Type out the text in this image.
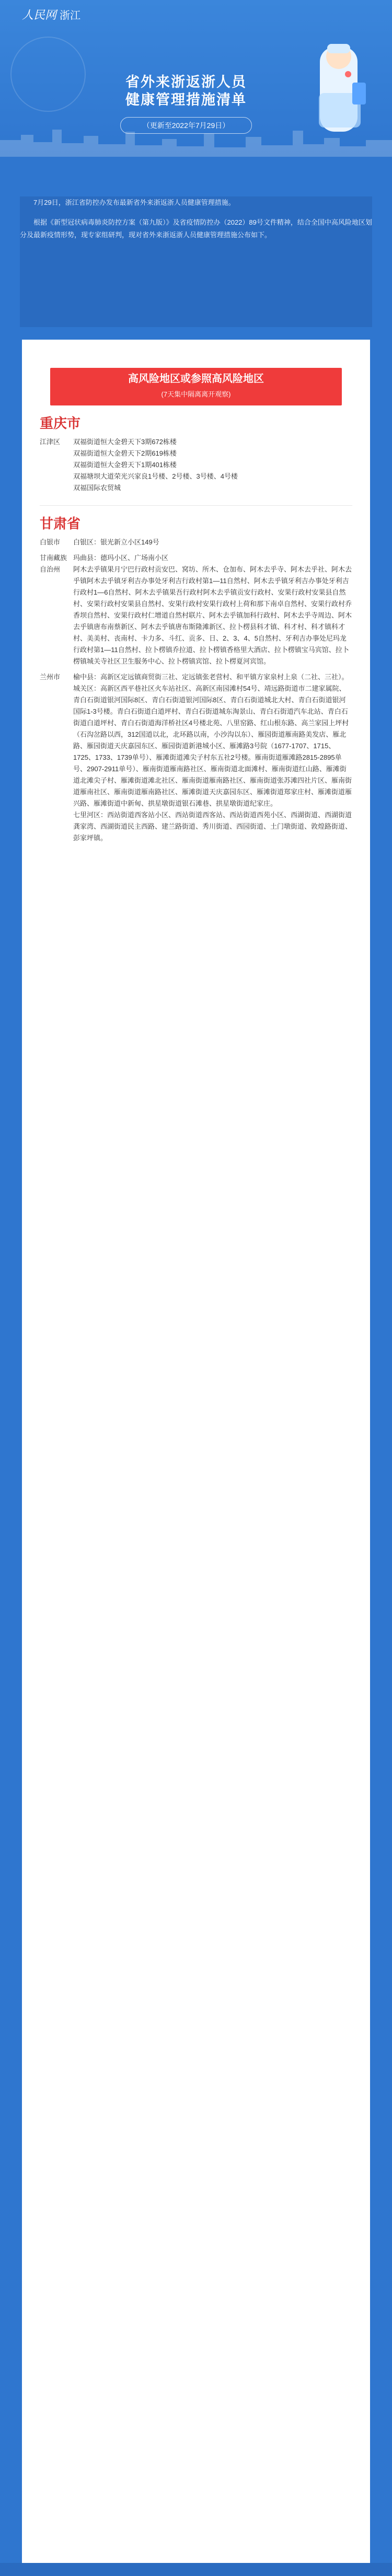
人民网 浙江
省外来浙返浙人员
健康管理措施清单
（更新至2022年7月29日）

7月29日，浙江省防控办发布最新省外来浙返浙人员健康管理措施。

根据《新型冠状病毒肺炎防控方案（第九版）》及省疫情防控办（2022）89号文件精神，结合全国中高风险地区划分及最新疫情形势，现专家组研判，现对省外来浙返浙人员健康管理措施公布如下。

高风险地区或参照高风险地区
(7天集中隔离离开观察)
重庆市
江津区	双福街道恒大金碧天下3期672栋楼
双福街道恒大金碧天下2期619栋楼
双福街道恒大金碧天下1期401栋楼
双福塘坝大道荣光兴家良1号楼、2号楼、3号楼、4号楼
双福国际农贸城
甘肃省
白银市	白银区：银光新立小区149号
甘南藏族自治州
玛曲县：德玛小区、广场南小区
阿木去乎镇果月宁巴行政村贡安巴、窝坊、所木、仓加布、阿木去乎寺、阿木去乎社、阿木去乎镇阿木去乎镇牙利吉办事处牙利吉行政村第1—11自然村、阿木去乎镇牙利吉办事处牙利吉行政村1—6自然村、阿木去乎镇果吾行政村阿木去乎镇贡安行政村、安果行政村安果县自然村、安果行政村安果县自然村、安果行政村安果行政村上荷和那下南卓自然村、安果行政村乔香坝自然村、安果行政村仁增道自然村联片、阿木去乎镇加科行政村、阿木去乎寺周边、阿木去乎镇唐布南蔡新区、阿木去乎镇唐布斯隆滩新区、拉卜楞县科才镇、科才村、科才镇科才村、美美村、丧南村、卡力多、斗红、贡多、日、2、3、4、5自然村、牙利吉办事处尼玛龙行政村第1—11自然村、拉卜楞镇乔拉道、拉卜楞镇香格里大酒店、拉卜楞镇宝马宾馆、拉卜楞镇城关寺社区卫生服务中心、拉卜楞镇宾馆、拉卜楞夏河宾馆。
兰州市	榆中县：高新区定远镇商贸街三社、定远镇张老营村、和平镇方家泉村上泉（二社、三社）。
城关区：高新区西平巷社区火车站社区、高新区南园滩村54号、靖远路街道市二建家属院、青白石街道银河国际8区、青白石街道银河国际8区、青白石街道城北大村、青白石街道银河国际1-3号楼。青白石街道白道坪村、青白石街道城东淘景山、青白石街道汽车北站、青白石街道白道坪村、青白石街道海洋桥社区4号楼北苑、八里窑路、红山根东路、高兰家园上坪村（石沟岔路以西，312国道以北，北环路以南，小沙沟以东）、雁园街道雁南路美发店、雁北路、雁园街道天庆嘉园东区、雁园街道新港城小区、雁滩路3号院（1677-1707、1715、1725、1733、1739单号）、雁滩街道滩尖子村东五社2号楼。雁南街道雁滩路2815-2895单号、2907-2911单号）、雁南街道雁南路社区、雁南街道北面滩村、雁南街道红山路、雁滩街道北滩尖子村、雁滩街道滩北社区、雁南街道雁南路社区、雁南街道张苏滩四社片区、雁南街道雁南社区、雁南街道雁南路社区、雁滩街道天庆嘉园东区、雁滩街道郑家庄村、雁滩街道雁兴路、雁滩街道中新甸、拱星墩街道银石滩巷、拱星墩街道纪家庄。
七里河区：西站街道西客站小区、西站街道西客站、西站街道西苑小区、西湖街道、西湖街道龚家湾、西湖街道民主西路、建兰路街道、秀川街道、西园街道、土门墩街道、敦煌路街道、彭家坪镇。
